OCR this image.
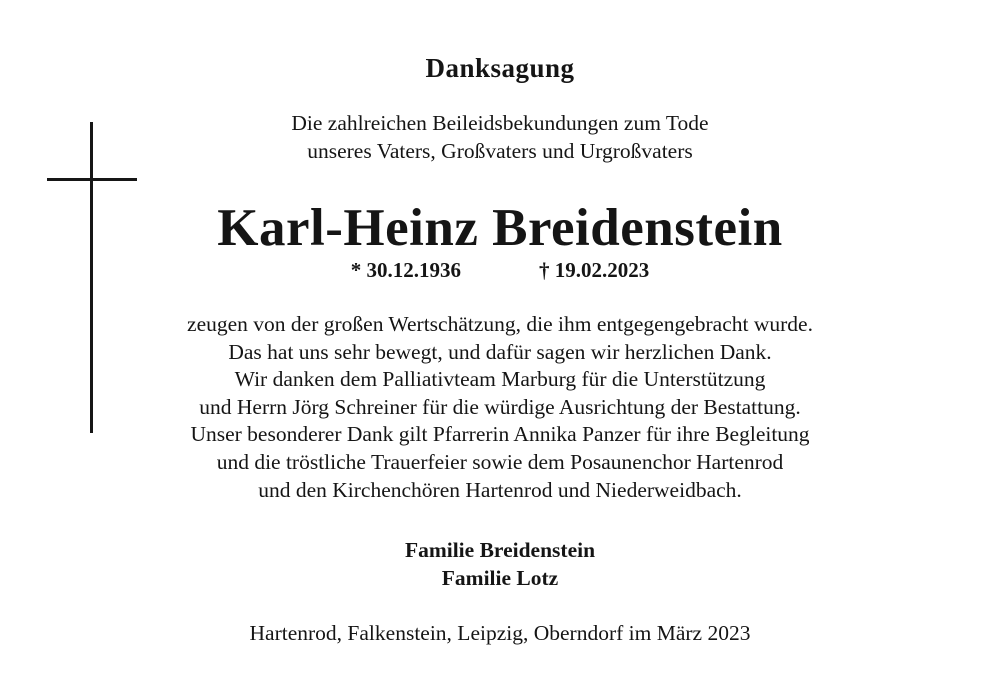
Danksagung
Die zahlreichen Beileidsbekundungen zum Tode
unseres Vaters, Großvaters und Urgroßvaters
Karl-Heinz Breidenstein
* 30.12.1936	† 19.02.2023
zeugen von der großen Wertschätzung, die ihm entgegengebracht wurde.
Das hat uns sehr bewegt, und dafür sagen wir herzlichen Dank.
Wir danken dem Palliativteam Marburg für die Unterstützung
und Herrn Jörg Schreiner für die würdige Ausrichtung der Bestattung.
Unser besonderer Dank gilt Pfarrerin Annika Panzer für ihre Begleitung
und die tröstliche Trauerfeier sowie dem Posaunenchor Hartenrod
und den Kirchenchören Hartenrod und Niederweidbach.
Familie Breidenstein
Familie Lotz
Hartenrod, Falkenstein, Leipzig, Oberndorf im März 2023
